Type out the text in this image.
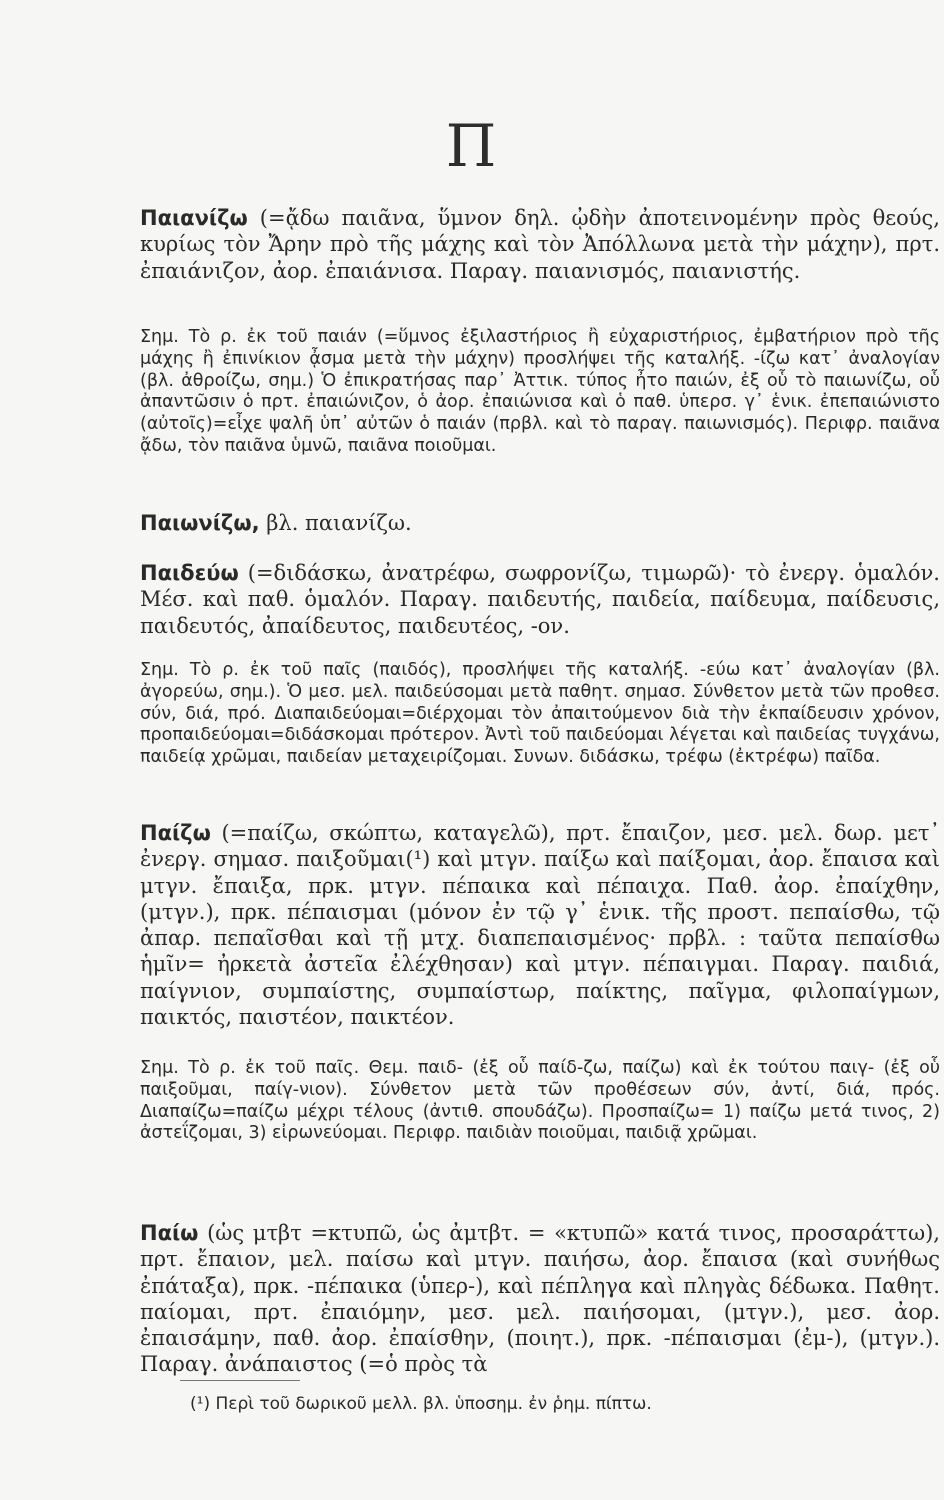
Π

Παιανίζω (=ᾄδω παιᾶνα, ὕμνον δηλ. ᾠδὴν ἀποτεινομένην πρὸς θεούς, κυρίως τὸν Ἄρην πρὸ τῆς μάχης καὶ τὸν Ἀπόλλωνα μετὰ τὴν μάχην), πρτ. ἐπαιάνιζον, ἀορ. ἐπαιάνισα. Παραγ. παιανισμός, παιανιστής.

Σημ. Τὸ ρ. ἐκ τοῦ παιάν (=ὕμνος ἐξιλαστήριος ἢ εὐχαριστήριος, ἐμβατήριον πρὸ τῆς μάχης ἢ ἐπινίκιον ᾆσμα μετὰ τὴν μάχην) προσλήψει τῆς καταλήξ. -ίζω κατ᾿ ἀναλογίαν (βλ. ἀθροίζω, σημ.) Ὁ ἐπικρατήσας παρ᾿ Ἀττικ. τύπος ἦτο παιών, ἐξ οὗ τὸ παιωνίζω, οὗ ἀπαντῶσιν ὁ πρτ. ἐπαιώνιζον, ὁ ἀορ. ἐπαιώνισα καὶ ὁ παθ. ὑπερσ. γ᾿ ἑνικ. ἐπεπαιώνιστο (αὐτοῖς)=εἶχε ψαλῆ ὑπ᾿ αὐτῶν ὁ παιάν (πρβλ. καὶ τὸ παραγ. παιωνισμός). Περιφρ. παιᾶνα ᾄδω, τὸν παιᾶνα ὑμνῶ, παιᾶνα ποιοῦμαι.

Παιωνίζω, βλ. παιανίζω.

Παιδεύω (=διδάσκω, ἀνατρέφω, σωφρονίζω, τιμωρῶ)· τὸ ἐνεργ. ὁμαλόν. Μέσ. καὶ παθ. ὁμαλόν. Παραγ. παιδευτής, παιδεία, παίδευμα, παίδευσις, παιδευτός, ἀπαίδευτος, παιδευτέος, -ον.

Σημ. Τὸ ρ. ἐκ τοῦ παῖς (παιδός), προσλήψει τῆς καταλήξ. -εύω κατ᾿ ἀναλογίαν (βλ. ἀγορεύω, σημ.). Ὁ μεσ. μελ. παιδεύσομαι μετὰ παθητ. σημασ. Σύνθετον μετὰ τῶν προθεσ. σύν, διά, πρό. Διαπαιδεύομαι=διέρχομαι τὸν ἀπαιτούμενον διὰ τὴν ἐκπαίδευσιν χρόνον, προπαιδεύομαι=διδάσκομαι πρότερον. Ἀντὶ τοῦ παιδεύομαι λέγεται καὶ παιδείας τυγχάνω, παιδείᾳ χρῶμαι, παιδείαν μεταχειρίζομαι. Συνων. διδάσκω, τρέφω (ἐκτρέφω) παῖδα.

Παίζω (=παίζω, σκώπτω, καταγελῶ), πρτ. ἔπαιζον, μεσ. μελ. δωρ. μετ᾿ ἐνεργ. σημασ. παιξοῦμαι(¹) καὶ μτγν. παίξω καὶ παίξομαι, ἀορ. ἔπαισα καὶ μτγν. ἔπαιξα, πρκ. μτγν. πέπαικα καὶ πέπαιχα. Παθ. ἀορ. ἐπαίχθην, (μτγν.), πρκ. πέπαισμαι (μόνον ἐν τῷ γ᾿ ἑνικ. τῆς προστ. πεπαίσθω, τῷ ἀπαρ. πεπαῖσθαι καὶ τῇ μτχ. διαπεπαισμένος· πρβλ. : ταῦτα πεπαίσθω ἡμῖν= ἠρκετὰ ἀστεῖα ἐλέχθησαν) καὶ μτγν. πέπαιγμαι. Παραγ. παιδιά, παίγνιον, συμπαίστης, συμπαίστωρ, παίκτης, παῖγμα, φιλοπαίγμων, παικτός, παιστέον, παικτέον.

Σημ. Τὸ ρ. ἐκ τοῦ παῖς. Θεμ. παιδ- (ἐξ οὗ παίδ-ζω, παίζω) καὶ ἐκ τούτου παιγ- (ἐξ οὗ παιξοῦμαι, παίγ-νιον). Σύνθετον μετὰ τῶν προθέσεων σύν, ἀντί, διά, πρός. Διαπαίζω=παίζω μέχρι τέλους (ἀντιθ. σπουδάζω). Προσπαίζω= 1) παίζω μετά τινος, 2) ἀστεΐζομαι, 3) εἰρωνεύομαι. Περιφρ. παιδιὰν ποιοῦμαι, παιδιᾷ χρῶμαι.

Παίω (ὡς μτβτ =κτυπῶ, ὡς ἀμτβτ. = «κτυπῶ» κατά τινος, προσαράττω), πρτ. ἔπαιον, μελ. παίσω καὶ μτγν. παιήσω, ἀορ. ἔπαισα (καὶ συνήθως ἐπάταξα), πρκ. -πέπαικα (ὑπερ-), καὶ πέπληγα καὶ πληγὰς δέδωκα. Παθητ. παίομαι, πρτ. ἐπαιόμην, μεσ. μελ. παιήσομαι, (μτγν.), μεσ. ἀορ. ἐπαισάμην, παθ. ἀορ. ἐπαίσθην, (ποιητ.), πρκ. -πέπαισμαι (ἐμ-), (μτγν.). Παραγ. ἀνάπαιστος (=ὁ πρὸς τὰ

(¹) Περὶ τοῦ δωρικοῦ μελλ. βλ. ὑποσημ. ἐν ῥημ. πίπτω.
